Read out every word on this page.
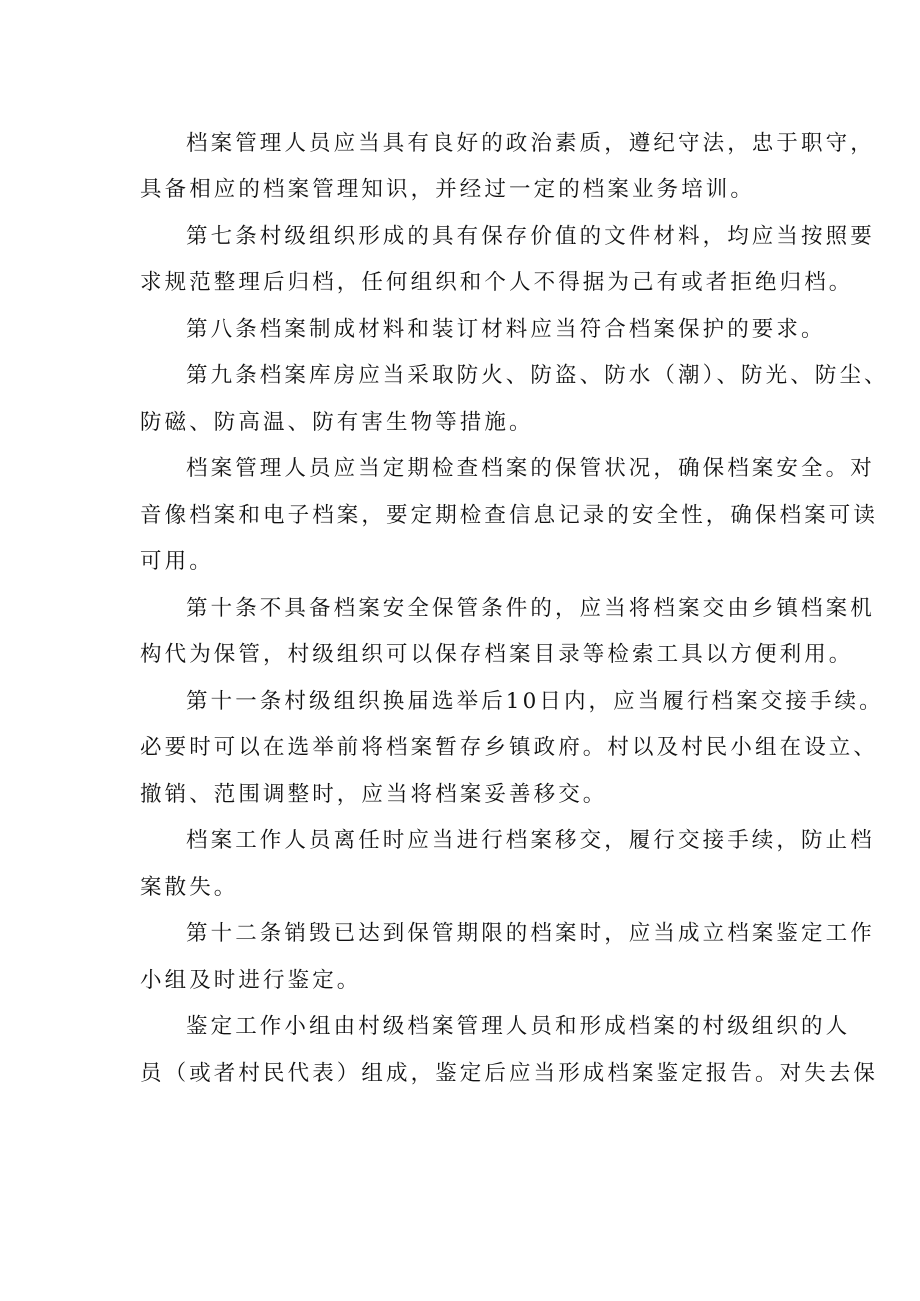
档案管理人员应当具有良好的政治素质，遵纪守法，忠于职守，
具备相应的档案管理知识，并经过一定的档案业务培训。
第七条村级组织形成的具有保存价值的文件材料，均应当按照要
求规范整理后归档，任何组织和个人不得据为己有或者拒绝归档。
第八条档案制成材料和装订材料应当符合档案保护的要求。
第九条档案库房应当采取防火、防盗、防水（潮）、防光、防尘、
防磁、防高温、防有害生物等措施。
档案管理人员应当定期检查档案的保管状况，确保档案安全。对
音像档案和电子档案，要定期检查信息记录的安全性，确保档案可读
可用。
第十条不具备档案安全保管条件的，应当将档案交由乡镇档案机
构代为保管，村级组织可以保存档案目录等检索工具以方便利用。
第十一条村级组织换届选举后10日内，应当履行档案交接手续。
必要时可以在选举前将档案暂存乡镇政府。村以及村民小组在设立、
撤销、范围调整时，应当将档案妥善移交。
档案工作人员离任时应当进行档案移交，履行交接手续，防止档
案散失。
第十二条销毁已达到保管期限的档案时，应当成立档案鉴定工作
小组及时进行鉴定。
鉴定工作小组由村级档案管理人员和形成档案的村级组织的人
员（或者村民代表）组成，鉴定后应当形成档案鉴定报告。对失去保
